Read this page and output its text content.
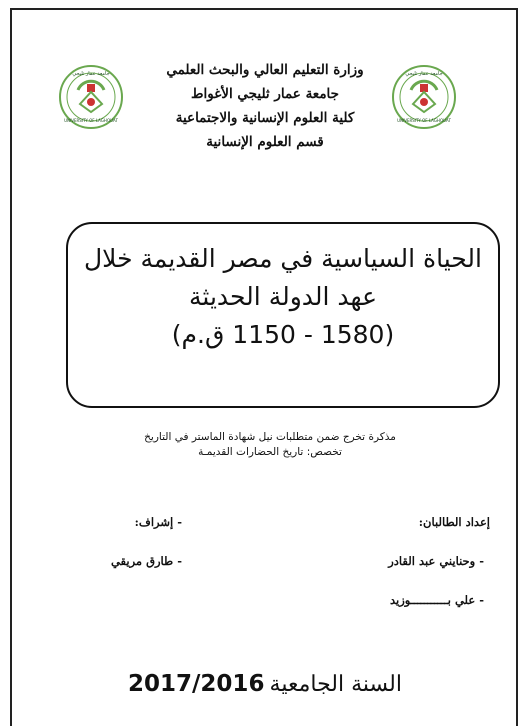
جامعة عمار ثليجي
UNIVERSITY OF LAGHOUAT
جامعة عمار ثليجي
UNIVERSITY OF LAGHOUAT
وزارة التعليم العالي والبحث العلمي
جامعة عمار ثليجي الأغواط
كلية العلوم الإنسانية والاجتماعية
قسم العلوم الإنسانية
الحياة السياسية في مصر القديمة خلال
عهد الدولة الحديثة
(1580 - 1150 ق.م)
مذكرة تخرج ضمن متطلبات نيل شهادة الماستر في التاريخ
تخصص: تاريخ الحضارات القديمـة
إعداد الطالبان:
- إشراف:
- وحنايني عبد القادر
- علي بـــــــــــوزيد
- طارق مريقي
السنة الجامعية 2017/2016
